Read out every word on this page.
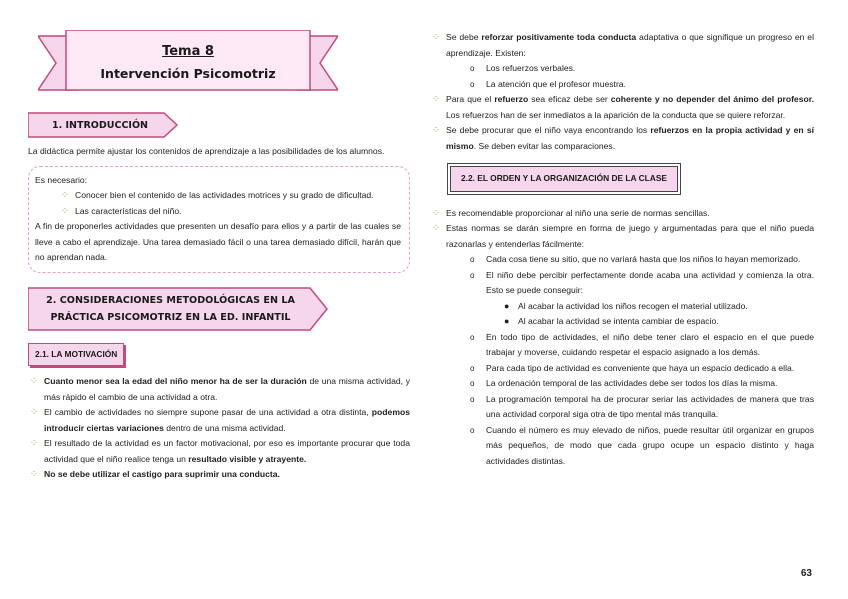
Tema 8
Intervención Psicomotriz
1. INTRODUCCIÓN

La didáctica permite ajustar los contenidos de aprendizaje a las posibilidades de los alumnos.

Es necesario:

⁘ Conocer bien el contenido de las actividades motrices y su grado de dificultad.
⁘ Las características del niño.

A fin de proponerles actividades que presenten un desafío para ellos y a partir de las cuales se lleve a cabo el aprendizaje. Una tarea demasiado fácil o una tarea demasiado difícil, harán que no aprendan nada.

2. CONSIDERACIONES METODOLÓGICAS EN LA
PRÁCTICA PSICOMOTRIZ EN LA ED. INFANTIL
2.1. LA MOTIVACIÓN
⁘ Cuanto menor sea la edad del niño menor ha de ser la duración de una misma actividad, y más rápido el cambio de una actividad a otra.
⁘ El cambio de actividades no siempre supone pasar de una actividad a otra distinta, podemos introducir ciertas variaciones dentro de una misma actividad.
⁘ El resultado de la actividad es un factor motivacional, por eso es importante procurar que toda actividad que el niño realice tenga un resultado visible y atrayente.
⁘ No se debe utilizar el castigo para suprimir una conducta.
⁘ Se debe reforzar positivamente toda conducta adaptativa o que signifique un progreso en el aprendizaje. Existen:
o Los refuerzos verbales.
o La atención que el profesor muestra.
⁘ Para que el refuerzo sea eficaz debe ser coherente y no depender del ánimo del profesor. Los refuerzos han de ser inmediatos a la aparición de la conducta que se quiere reforzar.
⁘ Se debe procurar que el niño vaya encontrando los refuerzos en la propia actividad y en sí mismo. Se deben evitar las comparaciones.
2.2. EL ORDEN Y LA ORGANIZACIÓN DE LA CLASE
⁘ Es recomendable proporcionar al niño una serie de normas sencillas.
⁘ Estas normas se darán siempre en forma de juego y argumentadas para que el niño pueda razonarlas y entenderlas fácilmente:
o Cada cosa tiene su sitio, que no variará hasta que los niños lo hayan memorizado.
o El niño debe percibir perfectamente donde acaba una actividad y comienza la otra. Esto se puede conseguir:
● Al acabar la actividad los niños recogen el material utilizado.
● Al acabar la actividad se intenta cambiar de espacio.
o En todo tipo de actividades, el niño debe tener claro el espacio en el que puede trabajar y moverse, cuidando respetar el espacio asignado a los demás.
o Para cada tipo de actividad es conveniente que haya un espacio dedicado a ella.
o La ordenación temporal de las actividades debe ser todos los días la misma.
o La programación temporal ha de procurar seriar las actividades de manera que tras una actividad corporal siga otra de tipo mental más tranquila.
o Cuando el número es muy elevado de niños, puede resultar útil organizar en grupos más pequeños, de modo que cada grupo ocupe un espacio distinto y haga actividades distintas.
63
